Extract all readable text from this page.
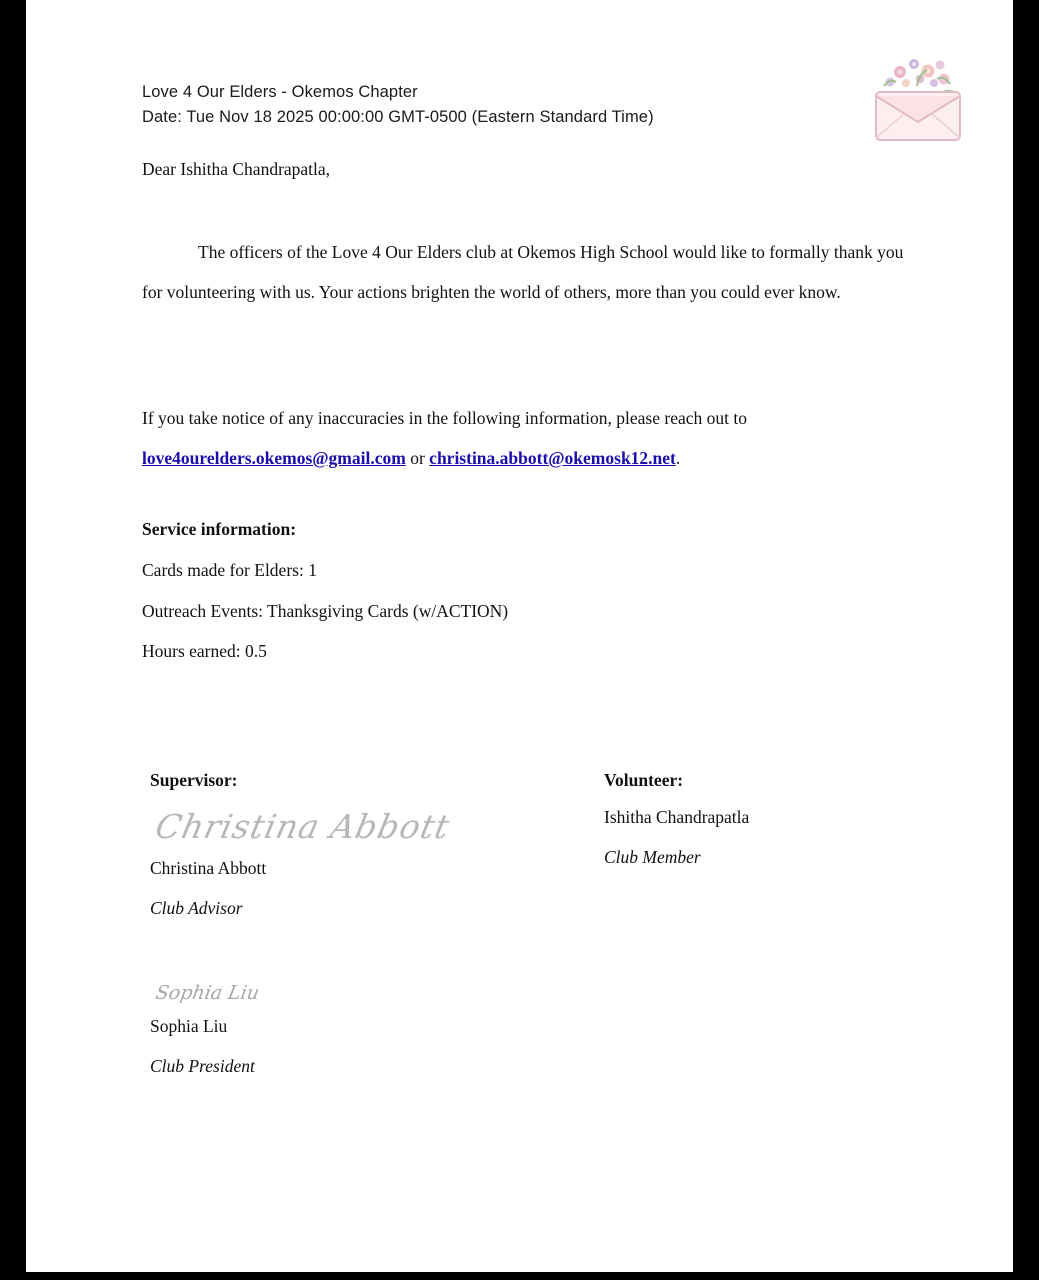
Love 4 Our Elders - Okemos Chapter
Date: Tue Nov 18 2025 00:00:00 GMT-0500 (Eastern Standard Time)
Dear Ishitha Chandrapatla,
The officers of the Love 4 Our Elders club at Okemos High School would like to formally thank you for volunteering with us. Your actions brighten the world of others, more than you could ever know.
If you take notice of any inaccuracies in the following information, please reach out to love4ourelders.okemos@gmail.com or christina.abbott@okemosk12.net.
Service information:
Cards made for Elders: 1
Outreach Events: Thanksgiving Cards (w/ACTION)
Hours earned: 0.5
Supervisor:
Christina Abbott
Christina Abbott
Club Advisor
Sophia Liu
Sophia Liu
Club President
Volunteer:
Ishitha Chandrapatla
Club Member
